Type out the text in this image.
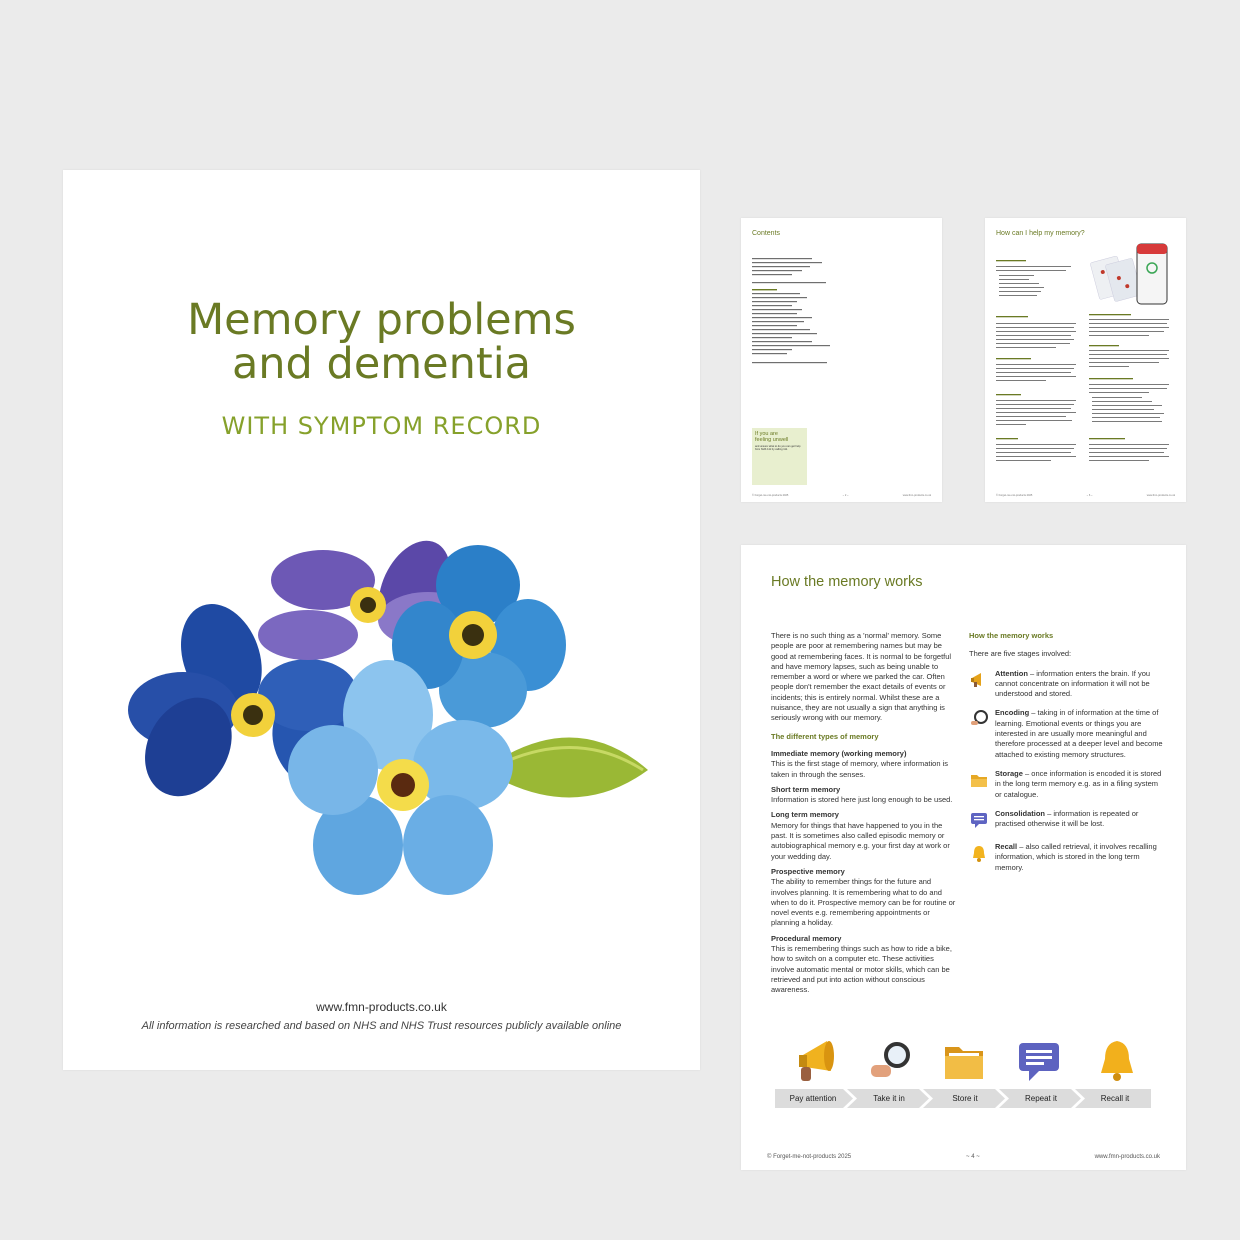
Memory problems
and dementia
WITH SYMPTOM RECORD
www.fmn-products.co.uk
All information is researched and based on NHS and NHS Trust resources publicly available online
Contents
If you are
feeling unwell
and unsure what to do you can get help from NHS 111 by calling 111.
© Forget-me-not-products 2025	~ 2 ~	www.fmn-products.co.uk
How can I help my memory?
© Forget-me-not-products 2025	~ 6 ~	www.fmn-products.co.uk
How the memory works

There is no such thing as a 'normal' memory. Some people are poor at remembering names but may be good at remembering faces. It is normal to be forgetful and have memory lapses, such as being unable to remember a word or where we parked the car. Often people don't remember the exact details of events or incidents; this is entirely normal. Whilst these are a nuisance, they are not usually a sign that anything is seriously wrong with our memory.

The different types of memory
Immediate memory (working memory)
This is the first stage of memory, where information is taken in through the senses.
Short term memory
Information is stored here just long enough to be used.
Long term memory
Memory for things that have happened to you in the past. It is sometimes also called episodic memory or autobiographical memory e.g. your first day at work or your wedding day.
Prospective memory
The ability to remember things for the future and involves planning. It is remembering what to do and when to do it. Prospective memory can be for routine or novel events e.g. remembering appointments or planning a holiday.
Procedural memory
This is remembering things such as how to ride a bike, how to switch on a computer etc. These activities involve automatic mental or motor skills, which can be retrieved and put into action without conscious awareness.
How the memory works
There are five stages involved:
Attention – information enters the brain. If you cannot concentrate on information it will not be understood and stored.
Encoding – taking in of information at the time of learning. Emotional events or things you are interested in are usually more meaningful and therefore processed at a deeper level and become attached to existing memory structures.
Storage – once information is encoded it is stored in the long term memory e.g. as in a filing system or catalogue.
Consolidation – information is repeated or practised otherwise it will be lost.
Recall – also called retrieval, it involves recalling information, which is stored in the long term memory.
Pay attention	Take it in	Store it	Repeat it	Recall it
© Forget-me-not-products 2025	~ 4 ~	www.fmn-products.co.uk
